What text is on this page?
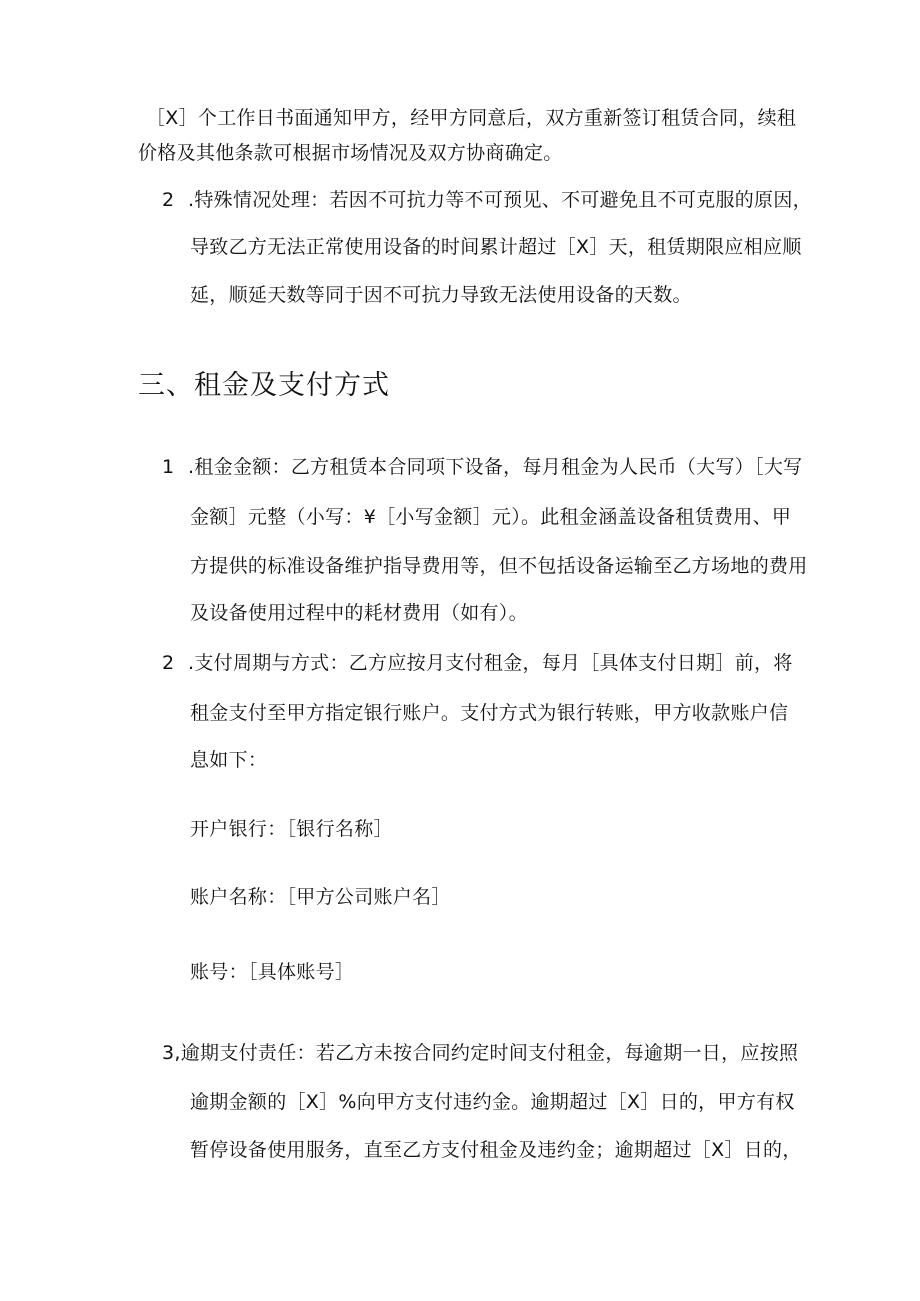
［X］个工作日书面通知甲方，经甲方同意后，双方重新签订租赁合同，续租
价格及其他条款可根据市场情况及双方协商确定。
2 .特殊情况处理：若因不可抗力等不可预见、不可避免且不可克服的原因，
导致乙方无法正常使用设备的时间累计超过［X］天，租赁期限应相应顺
延，顺延天数等同于因不可抗力导致无法使用设备的天数。
三、租金及支付方式
1 .租金金额：乙方租赁本合同项下设备，每月租金为人民币（大写）［大写
金额］元整（小写：¥［小写金额］元）。此租金涵盖设备租赁费用、甲
方提供的标准设备维护指导费用等，但不包括设备运输至乙方场地的费用
及设备使用过程中的耗材费用（如有）。
2 .支付周期与方式：乙方应按月支付租金，每月［具体支付日期］前，将
租金支付至甲方指定银行账户。支付方式为银行转账，甲方收款账户信
息如下：
开户银行：［银行名称］
账户名称：［甲方公司账户名］
账号：［具体账号］
3,逾期支付责任：若乙方未按合同约定时间支付租金，每逾期一日，应按照
逾期金额的［X］%向甲方支付违约金。逾期超过［X］日的，甲方有权
暂停设备使用服务，直至乙方支付租金及违约金；逾期超过［X］日的，
